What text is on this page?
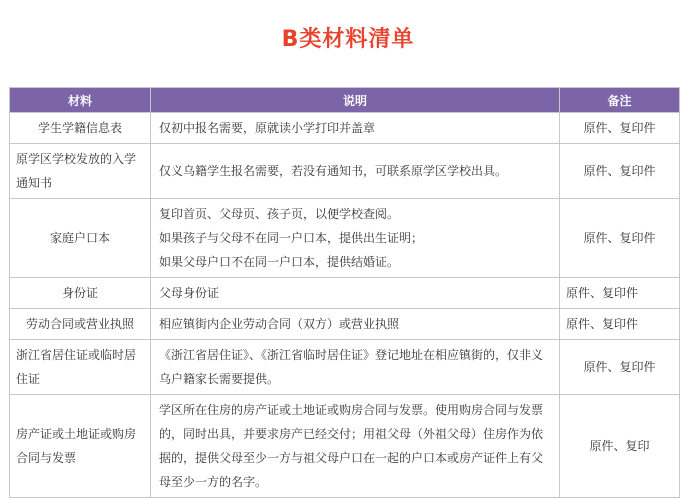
B类材料清单
材料	说明	备注
学生学籍信息表	仅初中报名需要，原就读小学打印并盖章	原件、复印件
原学区学校发放的入学通知书	仅义乌籍学生报名需要，若没有通知书，可联系原学区学校出具。	原件、复印件
家庭户口本	复印首页、父母页、孩子页，以便学校查阅。
如果孩子与父母不在同一户口本，提供出生证明；
如果父母户口不在同一户口本，提供结婚证。	原件、复印件
身份证	父母身份证	原件、复印件
劳动合同或营业执照	相应镇街内企业劳动合同（双方）或营业执照	原件、复印件
浙江省居住证或临时居住证	《浙江省居住证》、《浙江省临时居住证》登记地址在相应镇街的，仅非义乌户籍家长需要提供。	原件、复印件
房产证或土地证或购房合同与发票	学区所在住房的房产证或土地证或购房合同与发票。使用购房合同与发票的，同时出具，并要求房产已经交付；用祖父母（外祖父母）住房作为依据的，提供父母至少一方与祖父母户口在一起的户口本或房产证件上有父母至少一方的名字。	原件、复印
